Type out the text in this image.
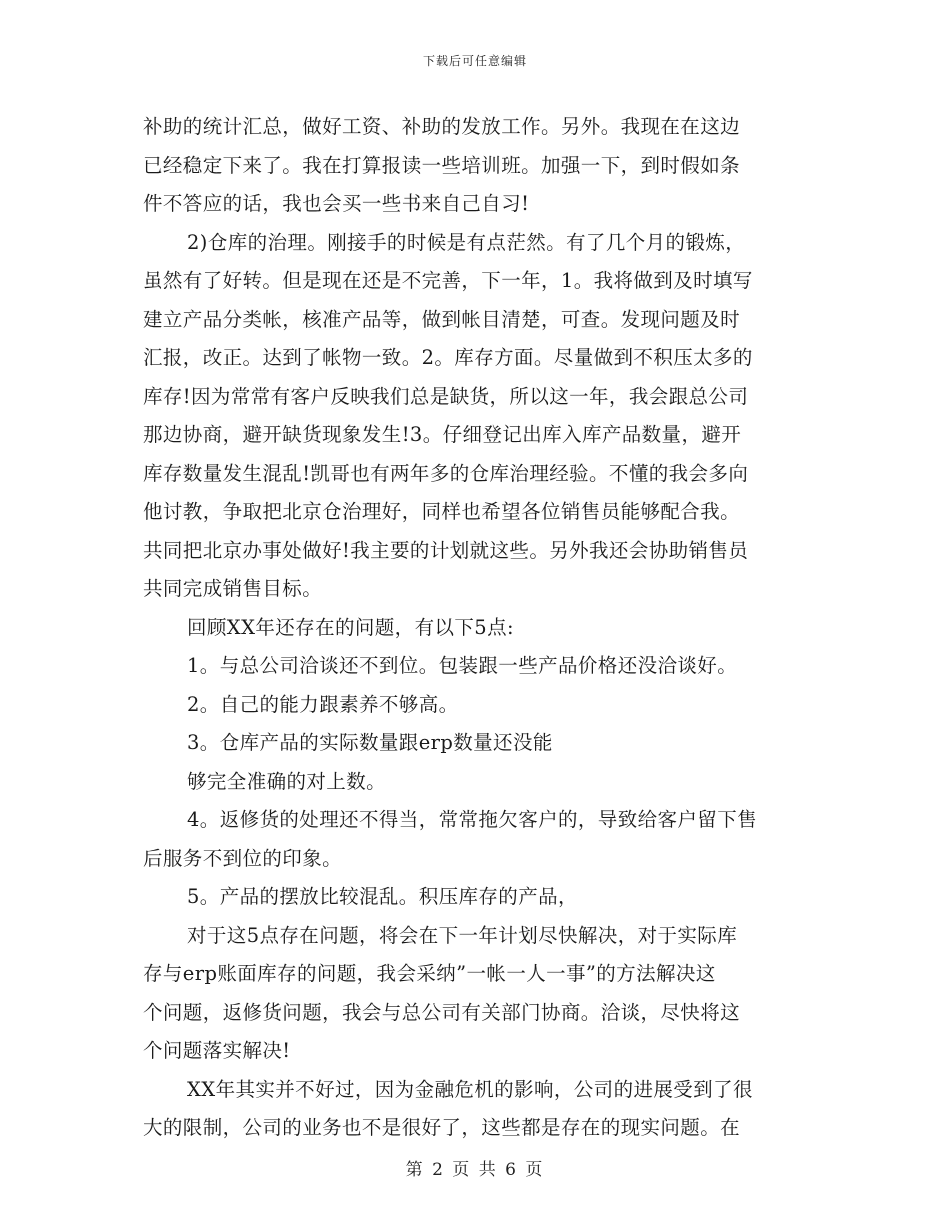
下载后可任意编辑
补助的统计汇总，做好工资、补助的发放工作。另外。我现在在这边
已经稳定下来了。我在打算报读一些培训班。加强一下，到时假如条
件不答应的话，我也会买一些书来自己自习!
2)仓库的治理。刚接手的时候是有点茫然。有了几个月的锻炼，
虽然有了好转。但是现在还是不完善，下一年，1。我将做到及时填写
建立产品分类帐，核准产品等，做到帐目清楚，可查。发现问题及时
汇报，改正。达到了帐物一致。2。库存方面。尽量做到不积压太多的
库存!因为常常有客户反映我们总是缺货，所以这一年，我会跟总公司
那边协商，避开缺货现象发生!3。仔细登记出库入库产品数量，避开
库存数量发生混乱!凯哥也有两年多的仓库治理经验。不懂的我会多向
他讨教，争取把北京仓治理好，同样也希望各位销售员能够配合我。
共同把北京办事处做好!我主要的计划就这些。另外我还会协助销售员
共同完成销售目标。
回顾XX年还存在的问题，有以下5点:
1。与总公司洽谈还不到位。包装跟一些产品价格还没洽谈好。
2。自己的能力跟素养不够高。
3。仓库产品的实际数量跟erp数量还没能
够完全准确的对上数。
4。返修货的处理还不得当，常常拖欠客户的，导致给客户留下售
后服务不到位的印象。
5。产品的摆放比较混乱。积压库存的产品，
对于这5点存在问题，将会在下一年计划尽快解决，对于实际库
存与erp账面库存的问题，我会采纳”一帐一人一事”的方法解决这
个问题，返修货问题，我会与总公司有关部门协商。洽谈，尽快将这
个问题落实解决!
XX年其实并不好过，因为金融危机的影响，公司的进展受到了很
大的限制，公司的业务也不是很好了，这些都是存在的现实问题。在
第 2 页 共 6 页
